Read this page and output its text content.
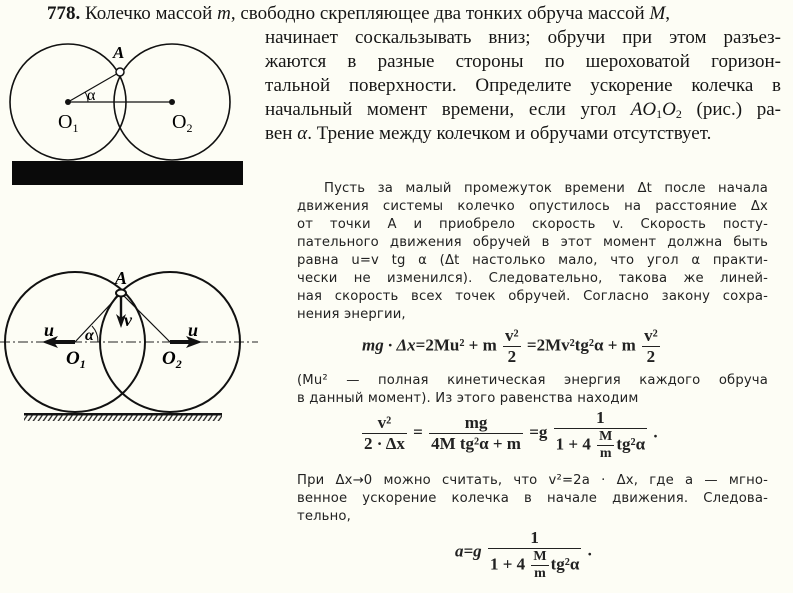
778. Колечко массой m, свободно скрепляющее два тонких обруча массой M,
начинает соскальзывать вниз; обручи при этом разъез-
жаются в разные стороны по шероховатой горизон-
тальной поверхности. Определите ускорение колечка в
начальный момент времени, если угол $AO_1O_2$ (рис.) ра-
вен α. Трение между колечком и обручами отсутствует.
A
α
$O_1$	$O_2$
A
v
u	u
α
$O_1$	$O_2$
Пусть за малый промежуток времени Δt после начала
движения системы колечко опустилось на расстояние Δx
от точки A и приобрело скорость v. Скорость посту-
пательного движения обручей в этот момент должна быть
равна u=v tg α (Δt настолько мало, что угол α практи-
чески не изменился). Следовательно, такова же линей-
ная скорость всех точек обручей. Согласно закону сохра-
нения энергии,
mg · Δx=2Mu² + m $\frac{\text{v²}}{2} =2Mv^2tg^2\alpha + m \frac{\text{v²}}{2}$
(Mu² — полная кинетическая энергия каждого обруча
в данный момент). Из этого равенства находим
$\frac{\text{v²}}{2 \cdot \Delta x} = \frac{mg}{\text{4M tg²α + m}} =g \frac{1}{1 + 4 \frac{M}{m} tg^2\alpha}$ .
При Δx→0 можно считать, что v²=2a · Δx, где a — мгно-
венное ускорение колечка в начале движения. Следова-
тельно,
$a=g \frac{1}{1 + 4 \frac{M}{m} tg^2\alpha}$ .
